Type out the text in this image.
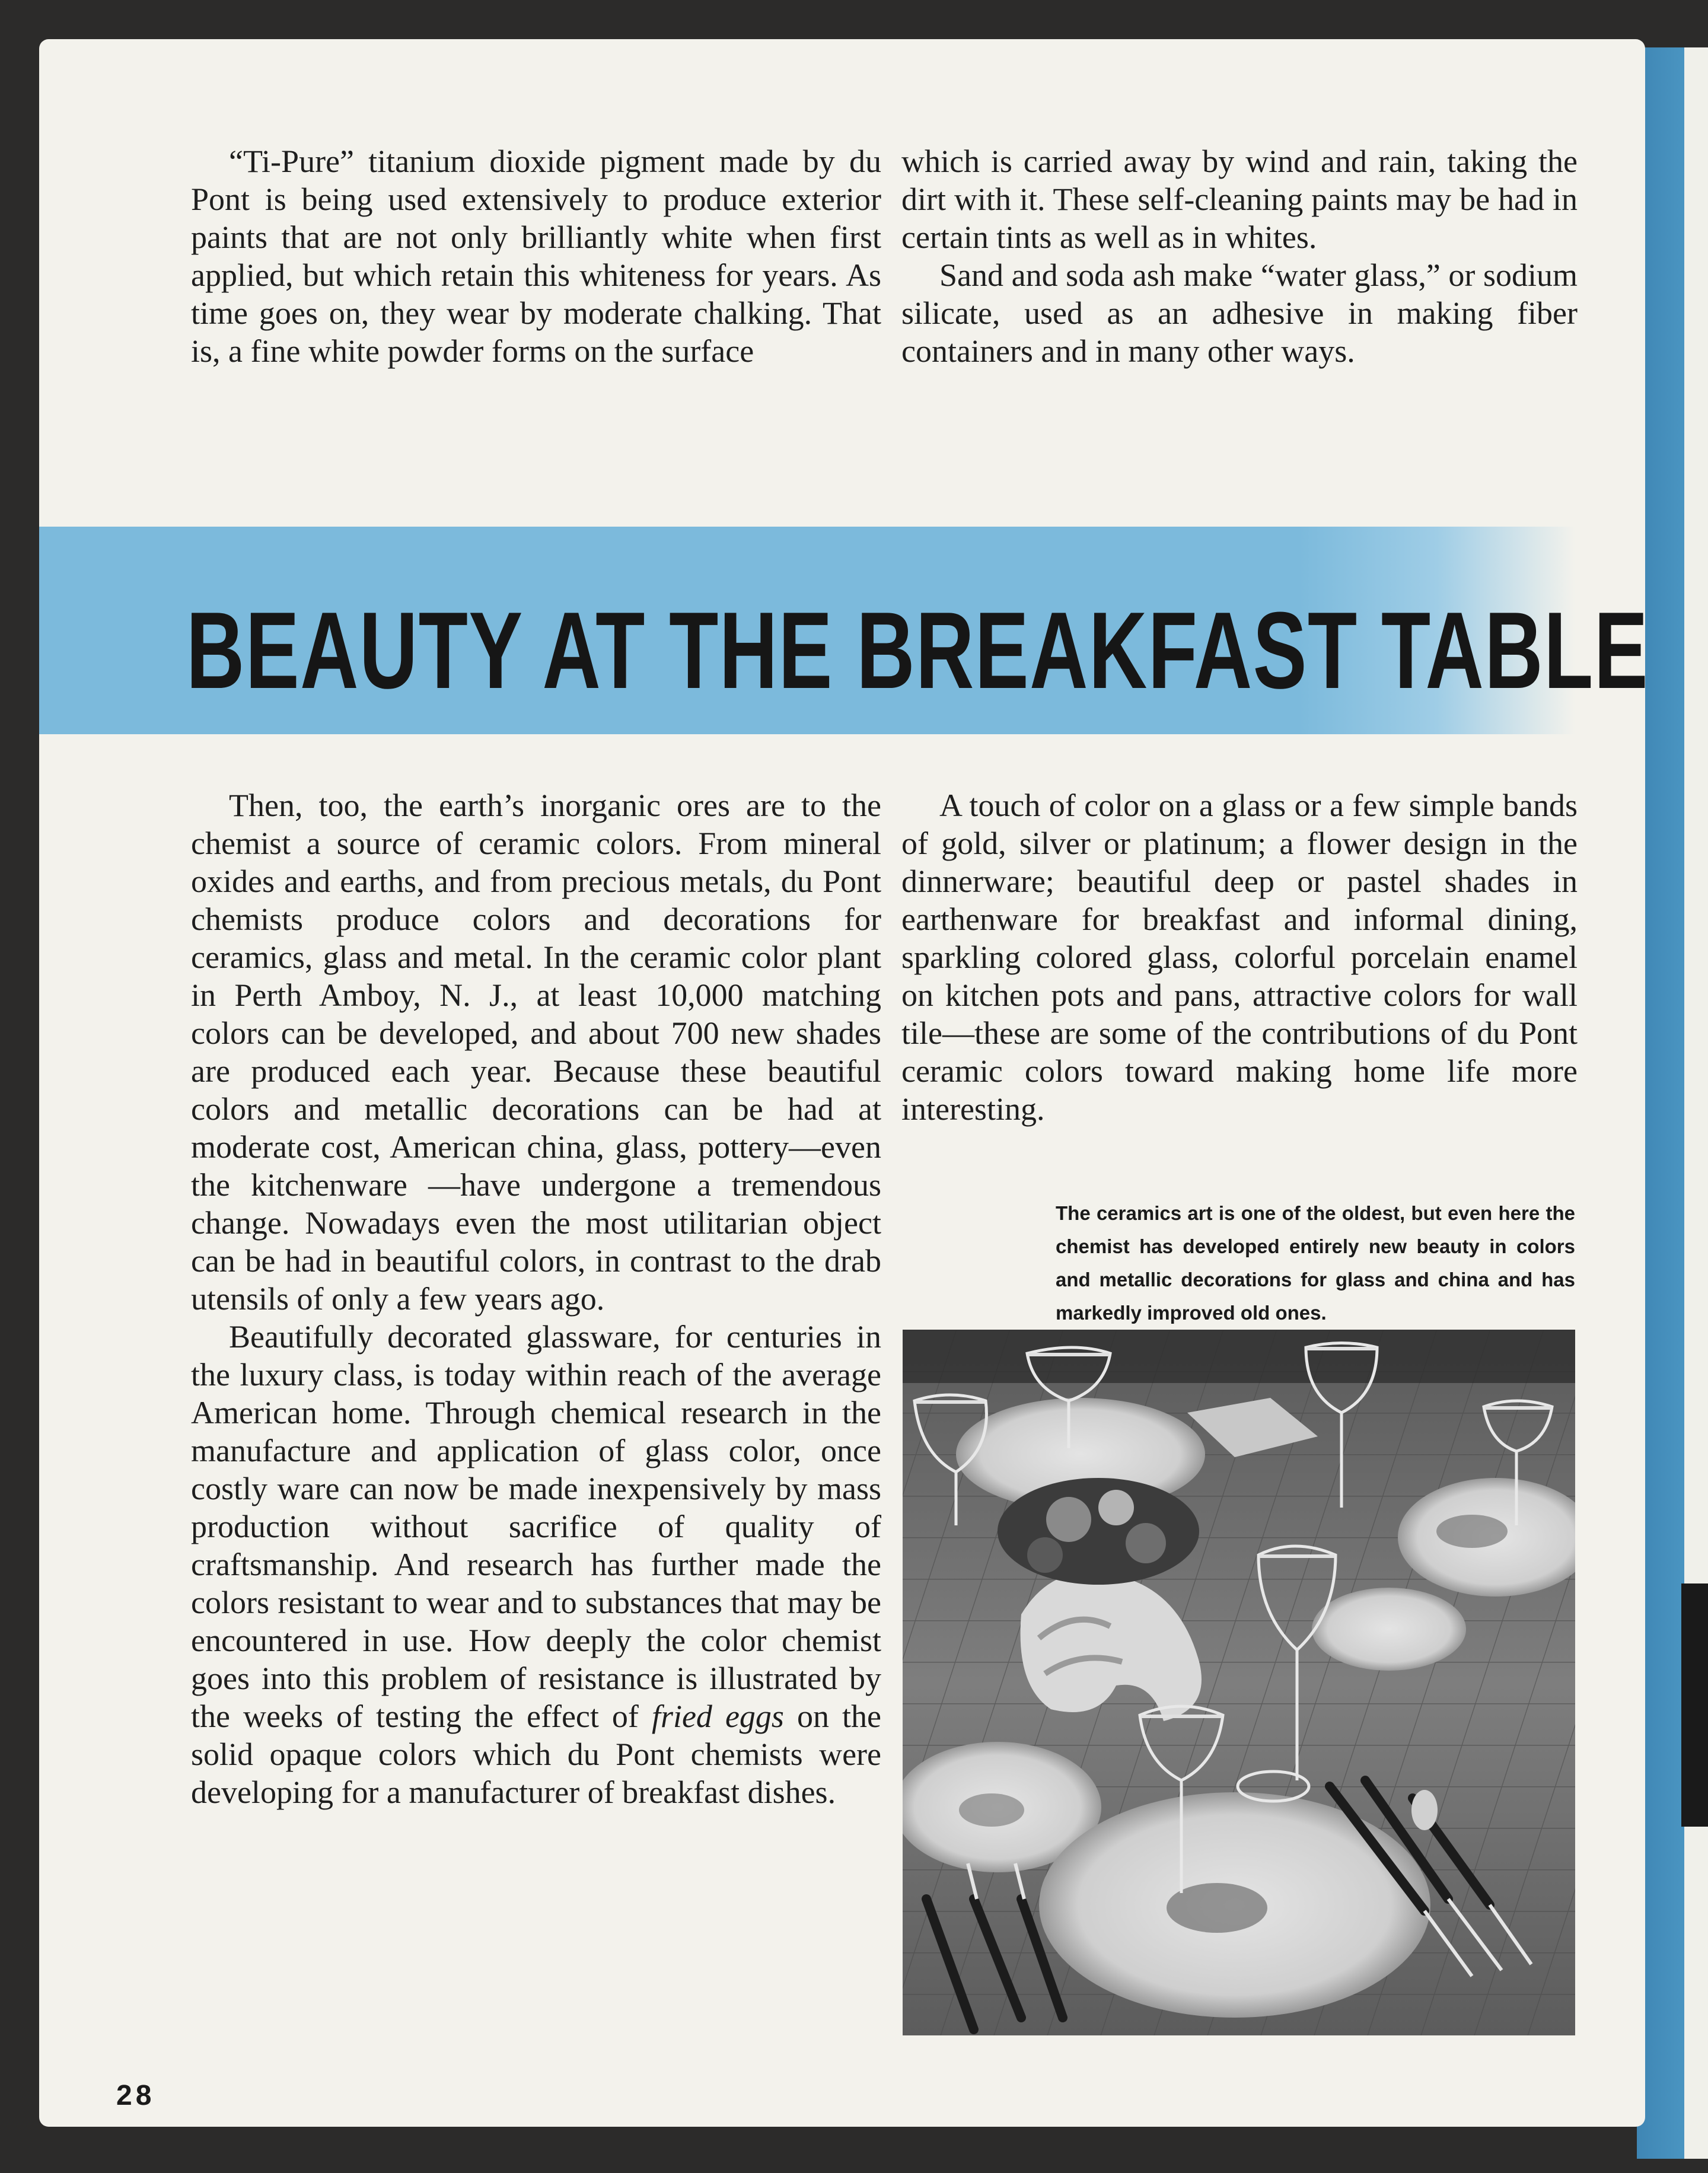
“Ti-Pure” titanium dioxide pigment made by du Pont is being used extensively to produce exterior paints that are not only brilliantly white when first applied, but which retain this whiteness for years. As time goes on, they wear by moderate chalking. That is, a fine white powder forms on the surface

which is carried away by wind and rain, taking the dirt with it. These self-cleaning paints may be had in certain tints as well as in whites.

Sand and soda ash make “water glass,” or sodium silicate, used as an adhesive in making fiber containers and in many other ways.

BEAUTY AT THE BREAKFAST TABLE

Then, too, the earth’s inorganic ores are to the chemist a source of ceramic colors. From mineral oxides and earths, and from precious metals, du Pont chemists produce colors and decorations for ceramics, glass and metal. In the ceramic color plant in Perth Amboy, N. J., at least 10,000 matching colors can be developed, and about 700 new shades are produced each year. Because these beautiful colors and metallic decorations can be had at moderate cost, American china, glass, pottery—even the kitchenware —have undergone a tremendous change. Nowadays even the most utilitarian object can be had in beautiful colors, in contrast to the drab utensils of only a few years ago.

Beautifully decorated glassware, for centuries in the luxury class, is today within reach of the average American home. Through chemical research in the manufacture and application of glass color, once costly ware can now be made inexpensively by mass production without sacrifice of quality of craftsmanship. And research has further made the colors resistant to wear and to substances that may be encountered in use. How deeply the color chemist goes into this problem of resistance is illustrated by the weeks of testing the effect of fried eggs on the solid opaque colors which du Pont chemists were developing for a manufacturer of breakfast dishes.

A touch of color on a glass or a few simple bands of gold, silver or platinum; a flower design in the dinnerware; beautiful deep or pastel shades in earthenware for breakfast and informal dining, sparkling colored glass, colorful porcelain enamel on kitchen pots and pans, attractive colors for wall tile—these are some of the contributions of du Pont ceramic colors toward making home life more interesting.

The ceramics art is one of the oldest, but even here the chemist has developed entirely new beauty in colors and metallic decorations for glass and china and has markedly improved old ones.
28
